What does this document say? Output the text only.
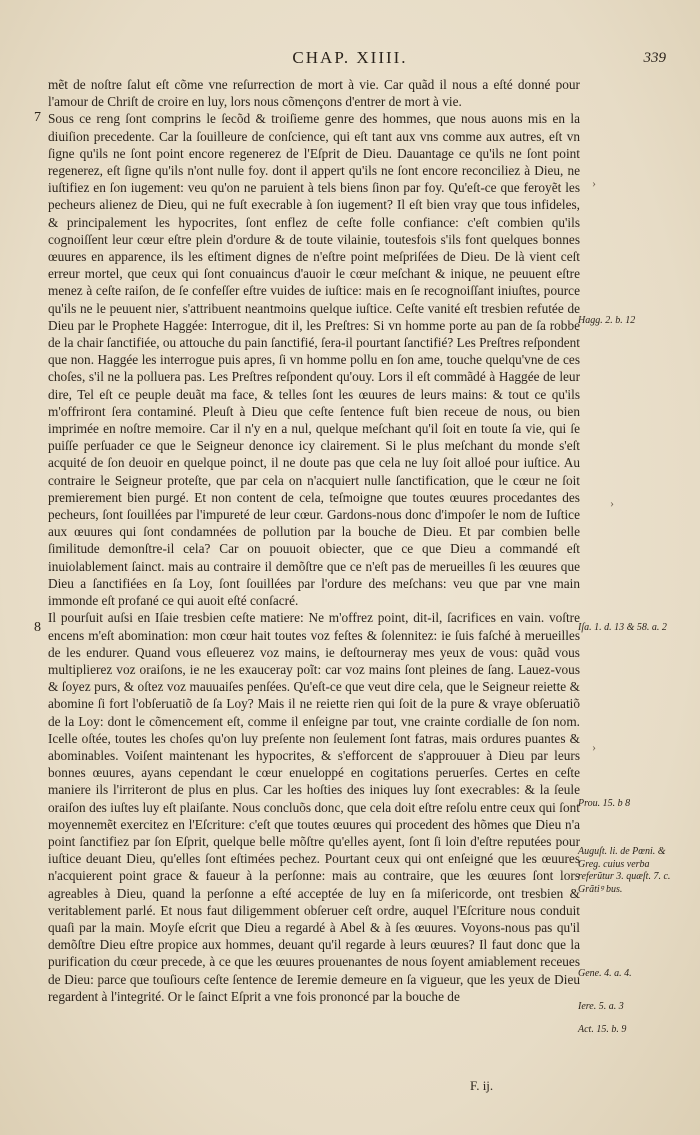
CHAP. XIIII.	339

mẽt de noſtre ſalut eſt cõme vne reſurrection de mort à vie. Car quãd il nous a eſté donné pour l'amour de Chriſt de croire en luy, lors nous cõmençons d'entrer de mort à vie.

Sous ce reng ſont comprins le ſecõd & troiſieme genre des hommes, que nous auons mis en la diuiſion precedente. Car la ſouilleure de conſcience, qui eſt tant aux vns comme aux autres, eſt vn ſigne qu'ils ne ſont point encore regenerez de l'Eſprit de Dieu. Dauantage ce qu'ils ne ſont point regenerez, eſt ſigne qu'ils n'ont nulle foy. dont il appert qu'ils ne ſont encore reconciliez à Dieu, ne iuſtifiez en ſon iugement: veu qu'on ne paruient à tels biens ſinon par foy. Qu'eſt-ce que feroyẽt les pecheurs alienez de Dieu, qui ne fuſt execrable à ſon iugement? Il eſt bien vray que tous infideles, & principalement les hypocrites, ſont enflez de ceſte folle confiance: c'eſt combien qu'ils cognoiſſent leur cœur eſtre plein d'ordure & de toute vilainie, toutesfois s'ils font quelques bonnes œuures en apparence, ils les eſtiment dignes de n'eſtre point meſpriſées de Dieu. De là vient ceſt erreur mortel, que ceux qui ſont conuaincus d'auoir le cœur meſchant & inique, ne peuuent eſtre menez à ceſte raiſon, de ſe confeſſer eſtre vuides de iuſtice: mais en ſe recognoiſſant iniuſtes, pource qu'ils ne le peuuent nier, s'attribuent neantmoins quelque iuſtice. Ceſte vanité eſt tresbien refutée de Dieu par le Prophete Haggée: Interrogue, dit il, les Preſtres: Si vn homme porte au pan de ſa robbe de la chair ſanctifiée, ou attouche du pain ſanctifié, ſera-il pourtant ſanctifié? Les Preſtres reſpondent que non. Haggée les interrogue puis apres, ſi vn homme pollu en ſon ame, touche quelqu'vne de ces choſes, s'il ne la polluera pas. Les Preſtres reſpondent qu'ouy. Lors il eſt commãdé à Haggée de leur dire, Tel eſt ce peuple deuãt ma face, & telles ſont les œuures de leurs mains: & tout ce qu'ils m'offriront ſera contaminé. Pleuſt à Dieu que ceſte ſentence fuſt bien receue de nous, ou bien imprimée en noſtre memoire. Car il n'y en a nul, quelque meſchant qu'il ſoit en toute ſa vie, qui ſe puiſſe perſuader ce que le Seigneur denonce icy clairement. Si le plus meſchant du monde s'eſt acquité de ſon deuoir en quelque poinct, il ne doute pas que cela ne luy ſoit alloé pour iuſtice. Au contraire le Seigneur proteſte, que par cela on n'acquiert nulle ſanctification, que le cœur ne ſoit premierement bien purgé. Et non content de cela, teſmoigne que toutes œuures procedantes des pecheurs, ſont ſouillées par l'impureté de leur cœur. Gardons-nous donc d'impoſer le nom de Iuſtice aux œuures qui ſont condamnées de pollution par la bouche de Dieu. Et par combien belle ſimilitude demonſtre-il cela? Car on pouuoit obiecter, que ce que Dieu a commandé eſt inuiolablement ſainct. mais au contraire il demõſtre que ce n'eſt pas de merueilles ſi les œuures que Dieu a ſanctifiées en ſa Loy, ſont ſouillées par l'ordure des meſchans: veu que par vne main immonde eſt profané ce qui auoit eſté conſacré.

Il pourſuit auſsi en Iſaie tresbien ceſte matiere: Ne m'offrez point, dit-il, ſacrifices en vain. voſtre encens m'eſt abomination: mon cœur hait toutes voz feſtes & ſolennitez: ie ſuis faſché à merueilles de les endurer. Quand vous eſleuerez voz mains, ie deſtourneray mes yeux de vous: quãd vous multiplierez voz oraiſons, ie ne les exauceray poĩt: car voz mains ſont pleines de ſang. Lauez-vous & ſoyez purs, & oſtez voz mauuaiſes penſées. Qu'eſt-ce que veut dire cela, que le Seigneur reiette & abomine ſi fort l'obſeruatiõ de ſa Loy? Mais il ne reiette rien qui ſoit de la pure & vraye obſeruatiõ de la Loy: dont le cõmencement eſt, comme il enſeigne par tout, vne crainte cordialle de ſon nom. Icelle oſtée, toutes les choſes qu'on luy preſente non ſeulement ſont fatras, mais ordures puantes & abominables. Voiſent maintenant les hypocrites, & s'efforcent de s'approuuer à Dieu par leurs bonnes œuures, ayans cependant le cœur enueloppé en cogitations peruerſes. Certes en ceſte maniere ils l'irriteront de plus en plus. Car les hoſties des iniques luy ſont execrables: & la ſeule oraiſon des iuſtes luy eſt plaiſante. Nous concluõs donc, que cela doit eſtre reſolu entre ceux qui ſont moyennemẽt exercitez en l'Eſcriture: c'eſt que toutes œuures qui procedent des hõmes que Dieu n'a point ſanctifiez par ſon Eſprit, quelque belle mõſtre qu'elles ayent, ſont ſi loin d'eſtre reputées pour iuſtice deuant Dieu, qu'elles ſont eſtimées pechez. Pourtant ceux qui ont enſeigné que les œuures n'acquierent point grace & faueur à la perſonne: mais au contraire, que les œuures ſont lors agreables à Dieu, quand la perſonne a eſté acceptée de luy en ſa miſericorde, ont tresbien & veritablement parlé. Et nous faut diligemment obſeruer ceſt ordre, auquel l'Eſcriture nous conduit quaſi par la main. Moyſe eſcrit que Dieu a regardé à Abel & à ſes œuures. Voyons-nous pas qu'il demõſtre Dieu eſtre propice aux hommes, deuant qu'il regarde à leurs œuures? Il faut donc que la purification du cœur precede, à ce que les œuures prouenantes de nous ſoyent amiablement receues de Dieu: parce que touſiours ceſte ſentence de Ieremie demeure en ſa vigueur, que les yeux de Dieu regardent à l'integrité. Or le ſainct Eſprit a vne fois prononcé par la bouche de

7
8
Hagg. 2. b. 12
Iſa. 1. d. 13 & 58. a. 2
Prou. 15. b 8
Auguſt. li. de Pœni. & Greg. cuius verba referũtur 3. quæſt. 7. c. Grãtiꝰ bus.
Gene. 4. a. 4.
Iere. 5. a. 3
Act. 15. b. 9
›
›
›
F. ij.
